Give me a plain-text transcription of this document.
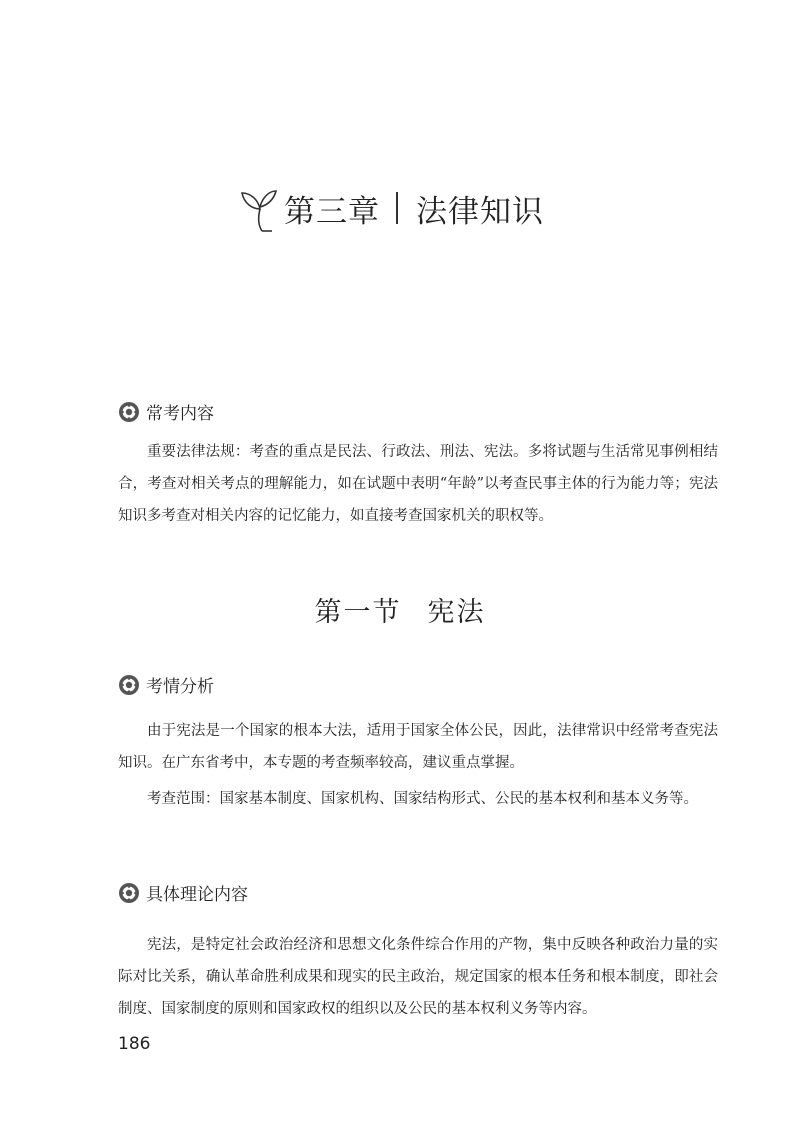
第三章 法律知识
常考内容

重要法律法规：考查的重点是民法、行政法、刑法、宪法。多将试题与生活常见事例相结合，考查对相关考点的理解能力，如在试题中表明“年龄”以考查民事主体的行为能力等；宪法知识多考查对相关内容的记忆能力，如直接考查国家机关的职权等。

第一节 宪法
考情分析

由于宪法是一个国家的根本大法，适用于国家全体公民，因此，法律常识中经常考查宪法知识。在广东省考中，本专题的考查频率较高，建议重点掌握。

考查范围：国家基本制度、国家机构、国家结构形式、公民的基本权利和基本义务等。

具体理论内容

宪法，是特定社会政治经济和思想文化条件综合作用的产物，集中反映各种政治力量的实际对比关系，确认革命胜利成果和现实的民主政治，规定国家的根本任务和根本制度，即社会制度、国家制度的原则和国家政权的组织以及公民的基本权利义务等内容。

186
